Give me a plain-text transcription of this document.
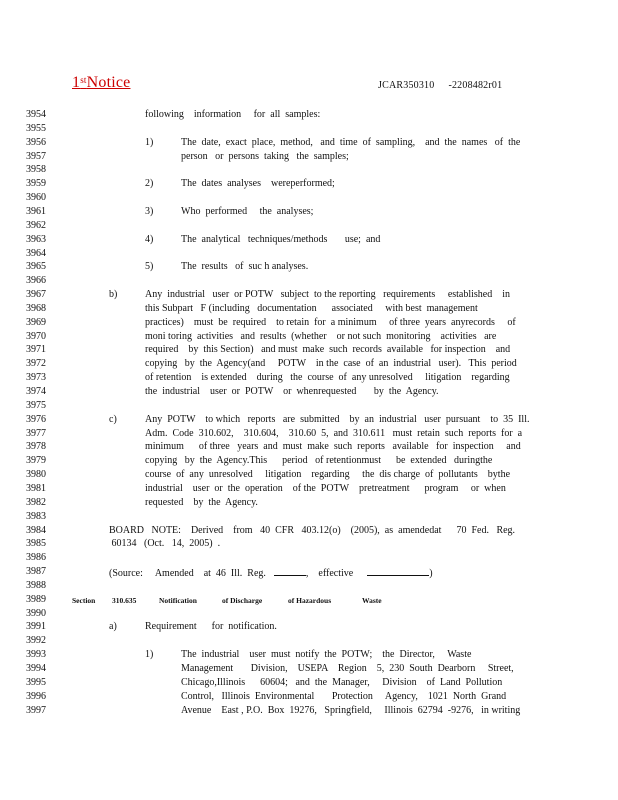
1stNotice	JCAR350310 -2208482r01
3954	following    information     for  all  samples:
3955
3956	1)	The  date,  exact  place,  method,   and  time  of  sampling,    and  the  names   of  the
3957	person   or  persons  taking   the  samples;
3958
3959	2)	The  dates  analyses    wereperformed;
3960
3961	3)	Who  performed     the  analyses;
3962
3963	4)	The  analytical   techniques/methods       use;  and
3964
3965	5)	The  results   of  suc h analyses.
3966
3967	b)	Any  industrial   user  or POTW   subject  to the reporting   requirements     established    in
3968	this Subpart   F (including   documentation      associated     with best  management
3969	practices)    must  be  required    to retain  for  a minimum     of three  years  anyrecords     of
3970	moni toring  activities   and  results  (whether    or not such  monitoring    activities   are
3971	required    by  this Section)   and must  make  such  records  available   for inspection    and
3972	copying   by  the  Agency(and     POTW    in the  case  of  an  industrial   user).   This  period
3973	of retention    is extended    during   the  course  of  any unresolved     litigation    regarding
3974	the  industrial    user  or  POTW    or  whenrequested       by  the  Agency.
3975
3976	c)	Any  POTW    to which   reports   are  submitted    by  an  industrial   user  pursuant    to  35  Ill.
3977	Adm.  Code  310.602,    310.604,    310.60  5,  and  310.611   must  retain  such  reports  for  a
3978	minimum      of three   years  and  must  make  such  reports   available   for  inspection     and
3979	copying   by  the  Agency.This      period   of retentionmust      be  extended   duringthe
3980	course  of  any  unresolved     litigation    regarding     the  dis charge  of  pollutants    bythe
3981	industrial    user  or  the  operation    of the  POTW    pretreatment      program     or  when
3982	requested    by  the  Agency.
3983
3984	BOARD   NOTE:    Derived    from   40  CFR   403.12(o)    (2005),  as  amendedat      70  Fed.   Reg.
3985	60134   (Oct.   14,  2005)  .
3986
3987	(Source:     Amended    at  46  Ill.  Reg.	,    effective	)
3988
3989	Section 310.635	Notification	of Discharge	of Hazardous	Waste
3990
3991	a)	Requirement      for  notification.
3992
3993	1)	The  industrial    user  must  notify  the  POTW;    the  Director,     Waste
3994	Management       Division,    USEPA    Region    5,  230  South  Dearborn     Street,
3995	Chicago,Illinois      60604;   and  the  Manager,     Division    of  Land  Pollution
3996	Control,   Illinois  Environmental       Protection     Agency,    1021  North  Grand
3997	Avenue    East , P.O.  Box  19276,   Springfield,     Illinois  62794  -9276,   in writing
